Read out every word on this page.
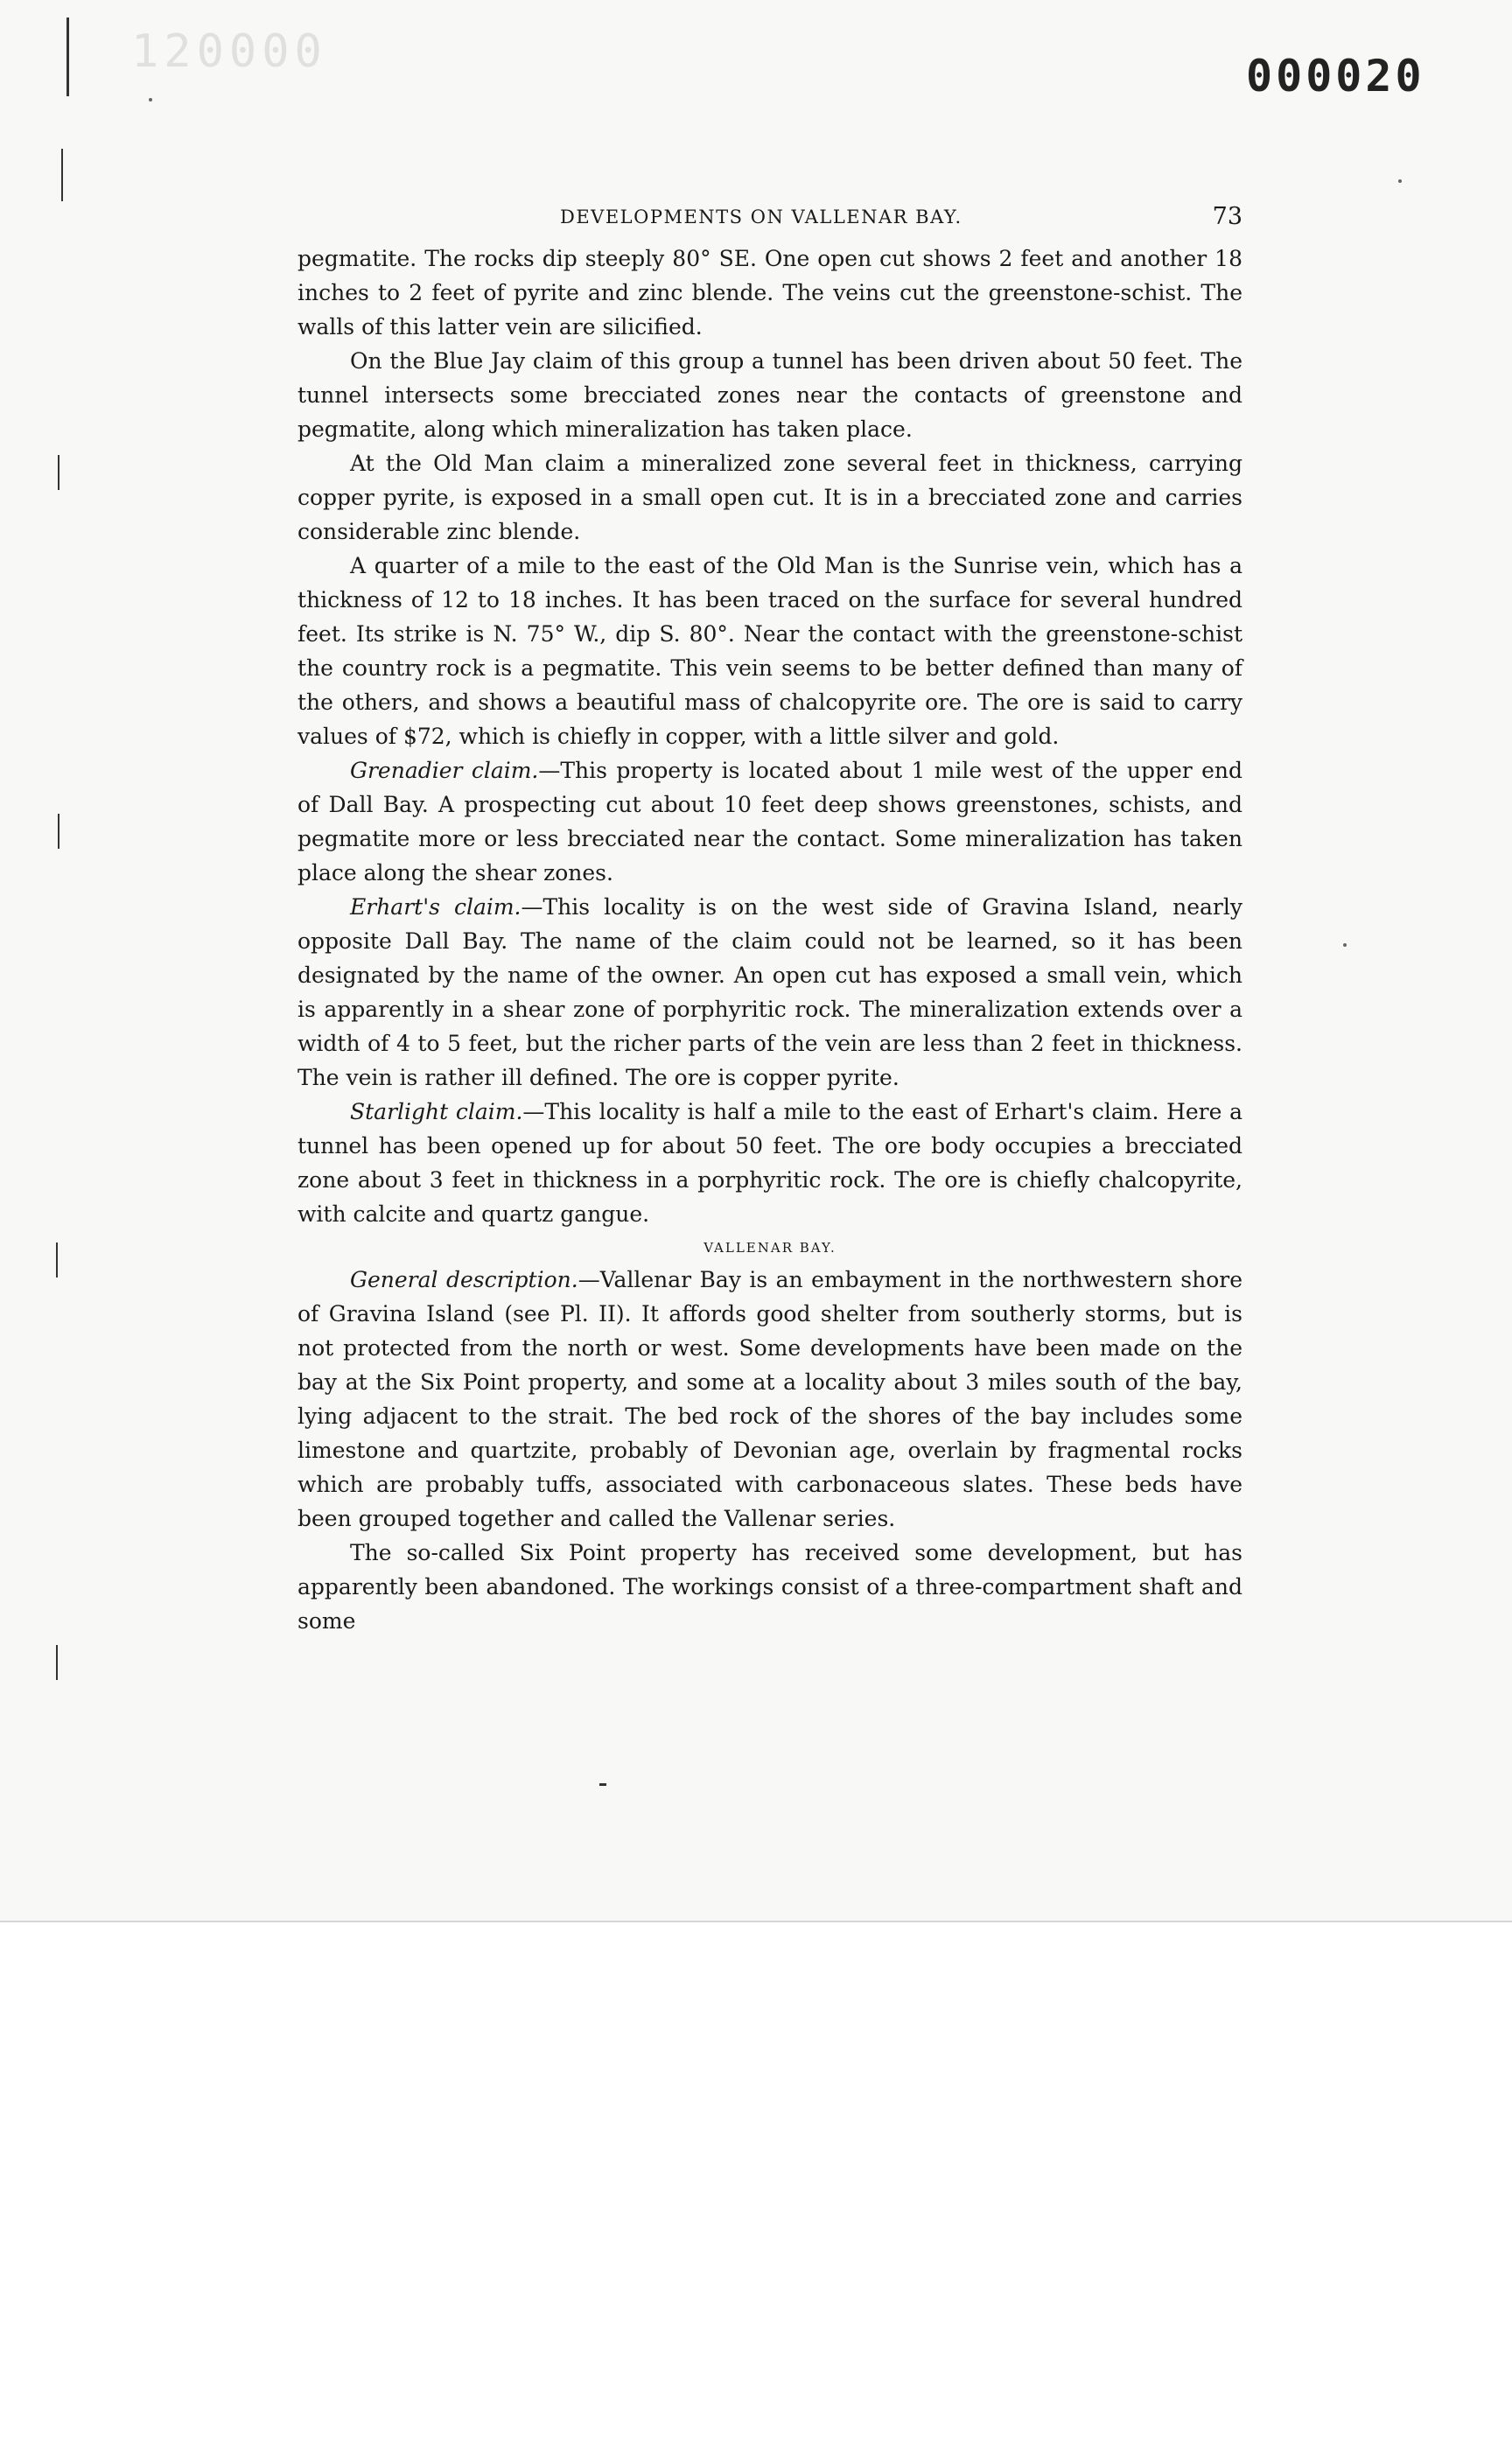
120000	000020
DEVELOPMENTS ON VALLENAR BAY.	73

pegmatite. The rocks dip steeply 80° SE. One open cut shows 2 feet and another 18 inches to 2 feet of pyrite and zinc blende. The veins cut the greenstone-schist. The walls of this latter vein are silicified.

On the Blue Jay claim of this group a tunnel has been driven about 50 feet. The tunnel intersects some brecciated zones near the contacts of greenstone and pegmatite, along which mineralization has taken place.

At the Old Man claim a mineralized zone several feet in thickness, carrying copper pyrite, is exposed in a small open cut. It is in a brecciated zone and carries considerable zinc blende.

A quarter of a mile to the east of the Old Man is the Sunrise vein, which has a thickness of 12 to 18 inches. It has been traced on the surface for several hundred feet. Its strike is N. 75° W., dip S. 80°. Near the contact with the greenstone-schist the country rock is a pegmatite. This vein seems to be better defined than many of the others, and shows a beautiful mass of chalcopyrite ore. The ore is said to carry values of $72, which is chiefly in copper, with a little silver and gold.

Grenadier claim.—This property is located about 1 mile west of the upper end of Dall Bay. A prospecting cut about 10 feet deep shows greenstones, schists, and pegmatite more or less brecciated near the contact. Some mineralization has taken place along the shear zones.

Erhart's claim.—This locality is on the west side of Gravina Island, nearly opposite Dall Bay. The name of the claim could not be learned, so it has been designated by the name of the owner. An open cut has exposed a small vein, which is apparently in a shear zone of porphyritic rock. The mineralization extends over a width of 4 to 5 feet, but the richer parts of the vein are less than 2 feet in thickness. The vein is rather ill defined. The ore is copper pyrite.

Starlight claim.—This locality is half a mile to the east of Erhart's claim. Here a tunnel has been opened up for about 50 feet. The ore body occupies a brecciated zone about 3 feet in thickness in a porphyritic rock. The ore is chiefly chalcopyrite, with calcite and quartz gangue.

VALLENAR BAY.

General description.—Vallenar Bay is an embayment in the northwestern shore of Gravina Island (see Pl. II). It affords good shelter from southerly storms, but is not protected from the north or west. Some developments have been made on the bay at the Six Point property, and some at a locality about 3 miles south of the bay, lying adjacent to the strait. The bed rock of the shores of the bay includes some limestone and quartzite, probably of Devonian age, overlain by fragmental rocks which are probably tuffs, associated with carbonaceous slates. These beds have been grouped together and called the Vallenar series.

The so-called Six Point property has received some development, but has apparently been abandoned. The workings consist of a three-compartment shaft and some
